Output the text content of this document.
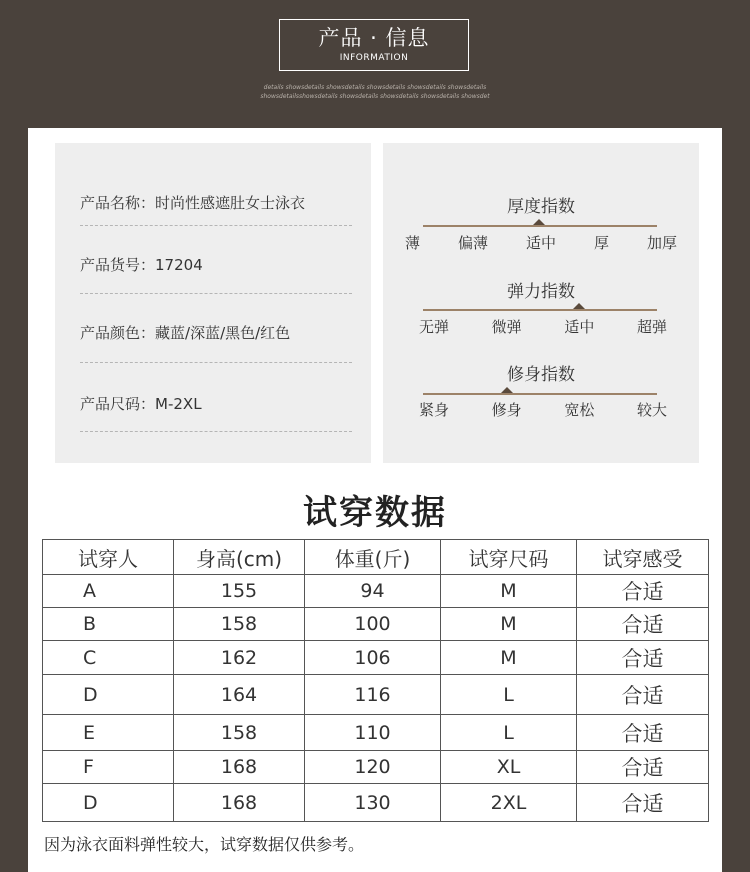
产品 · 信息
INFORMATION
details showsdetails showsdetails showsdetails showsdetails showsdetails
showsdetailsshowsdetails showsdetails showsdetails showsdetails showsdet
产品名称：时尚性感遮肚女士泳衣
产品货号：17204
产品颜色：藏蓝/深蓝/黑色/红色
产品尺码：M-2XL
厚度指数
薄	偏薄	适中	厚	加厚
弹力指数
无弹	微弹	适中	超弹
修身指数
紧身	修身	宽松	较大
试穿数据
试穿人	身高(cm)	体重(斤)	试穿尺码	试穿感受
A	155	94	M	合适
B	158	100	M	合适
C	162	106	M	合适
D	164	116	L	合适
E	158	110	L	合适
F	168	120	XL	合适
D	168	130	2XL	合适
因为泳衣面料弹性较大，试穿数据仅供参考。
